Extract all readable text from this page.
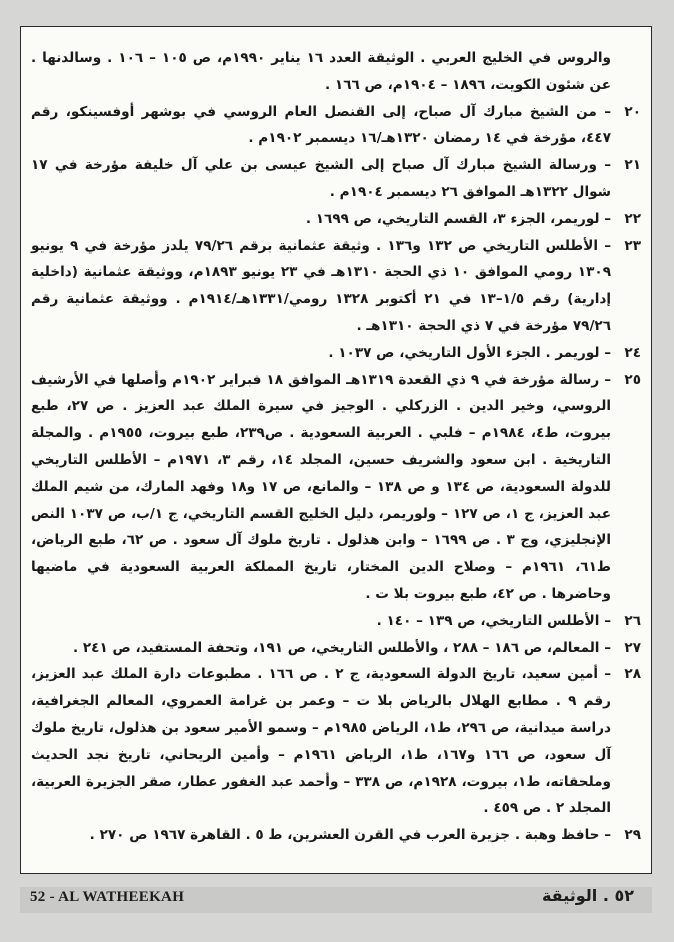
والروس في الخليج العربي . الوثيقة العدد ١٦ يناير ١٩٩٠م، ص ١٠٥ – ١٠٦ . وسالدنها . عن شئون الكويت، ١٨٩٦ – ١٩٠٤م، ص ١٦٦ .
٢٠
– من الشيخ مبارك آل صباح، إلى القنصل العام الروسي في بوشهر أوفسينكو، رقم ٤٤٧، مؤرخة في ١٤ رمضان ١٣٢٠هـ/١٦ ديسمبر ١٩٠٢م .
٢١
– ورسالة الشيخ مبارك آل صباح إلى الشيخ عيسى بن علي آل خليفة مؤرخة في ١٧ شوال ١٣٢٢هـ الموافق ٢٦ ديسمبر ١٩٠٤م .
٢٢
– لوريمر، الجزء ٣، القسم التاريخي، ص ١٦٩٩ .
٢٣
– الأطلس التاريخي ص ١٣٢ و١٣٦ . وثيقة عثمانية برقم ٧٩/٢٦ يلدز مؤرخة في ٩ يونيو ١٣٠٩ رومي الموافق ١٠ ذي الحجة ١٣١٠هـ في ٢٣ يونيو ١٨٩٣م، ووثيقة عثمانية (داخلية إدارية) رقم ١/٥–١٣ في ٢١ أكتوبر ١٣٢٨ رومي/١٣٣١هـ/١٩١٤م . ووثيقة عثمانية رقم ٧٩/٢٦ مؤرخة في ٧ ذي الحجة ١٣١٠هـ .
٢٤
– لوريمر . الجزء الأول التاريخي، ص ١٠٣٧ .
٢٥
– رسالة مؤرخة في ٩ ذي القعدة ١٣١٩هـ الموافق ١٨ فبراير ١٩٠٢م وأصلها في الأرشيف الروسي، وخير الدين . الزركلي . الوجيز في سيرة الملك عبد العزيز . ص ٢٧، طبع بيروت، ط٤، ١٩٨٤م – فلبي . العربية السعودية . ص٢٣٩، طبع بيروت، ١٩٥٥م . والمجلة التاريخية . ابن سعود والشريف حسين، المجلد ١٤، رقم ٣، ١٩٧١م – الأطلس التاريخي للدولة السعودية، ص ١٣٤ و ص ١٣٨ – والمانع، ص ١٧ و١٨ وفهد المارك، من شيم الملك عبد العزيز، ج ١، ص ١٢٧ – ولوريمر، دليل الخليج القسم التاريخي، ج ١/ب، ص ١٠٣٧ النص الإنجليزي، وج ٣ . ص ١٦٩٩ – وابن هذلول . تاريخ ملوك آل سعود . ص ٦٢، طبع الرياض، ط٦١، ١٩٦١م – وصلاح الدين المختار، تاريخ المملكة العربية السعودية في ماضيها وحاضرها . ص ٤٢، طبع بيروت بلا ت .
٢٦
– الأطلس التاريخي، ص ١٣٩ – ١٤٠ .
٢٧
– المعالم، ص ١٨٦ – ٢٨٨ ، والأطلس التاريخي، ص ١٩١، وتحفة المستفيد، ص ٢٤١ .
٢٨
– أمين سعيد، تاريخ الدولة السعودية، ج ٢ . ص ١٦٦ . مطبوعات دارة الملك عبد العزيز، رقم ٩ . مطابع الهلال بالرياض بلا ت – وعمر بن غرامة العمروي، المعالم الجغرافية، دراسة ميدانية، ص ٢٩٦، ط١، الرياض ١٩٨٥م – وسمو الأمير سعود بن هذلول، تاريخ ملوك آل سعود، ص ١٦٦ و١٦٧، ط١، الرياض ١٩٦١م – وأمين الريحاني، تاريخ نجد الحديث وملحقاته، ط١، بيروت، ١٩٢٨م، ص ٣٣٨ – وأحمد عبد الغفور عطار، صقر الجزيرة العربية، المجلد ٢ . ص ٤٥٩ .
٢٩
– حافظ وهبة . جزيرة العرب في القرن العشرين، ط ٥ . القاهرة ١٩٦٧ ص ٢٧٠ .
52 - AL WATHEEKAH	٥٢ . الوثيقة
